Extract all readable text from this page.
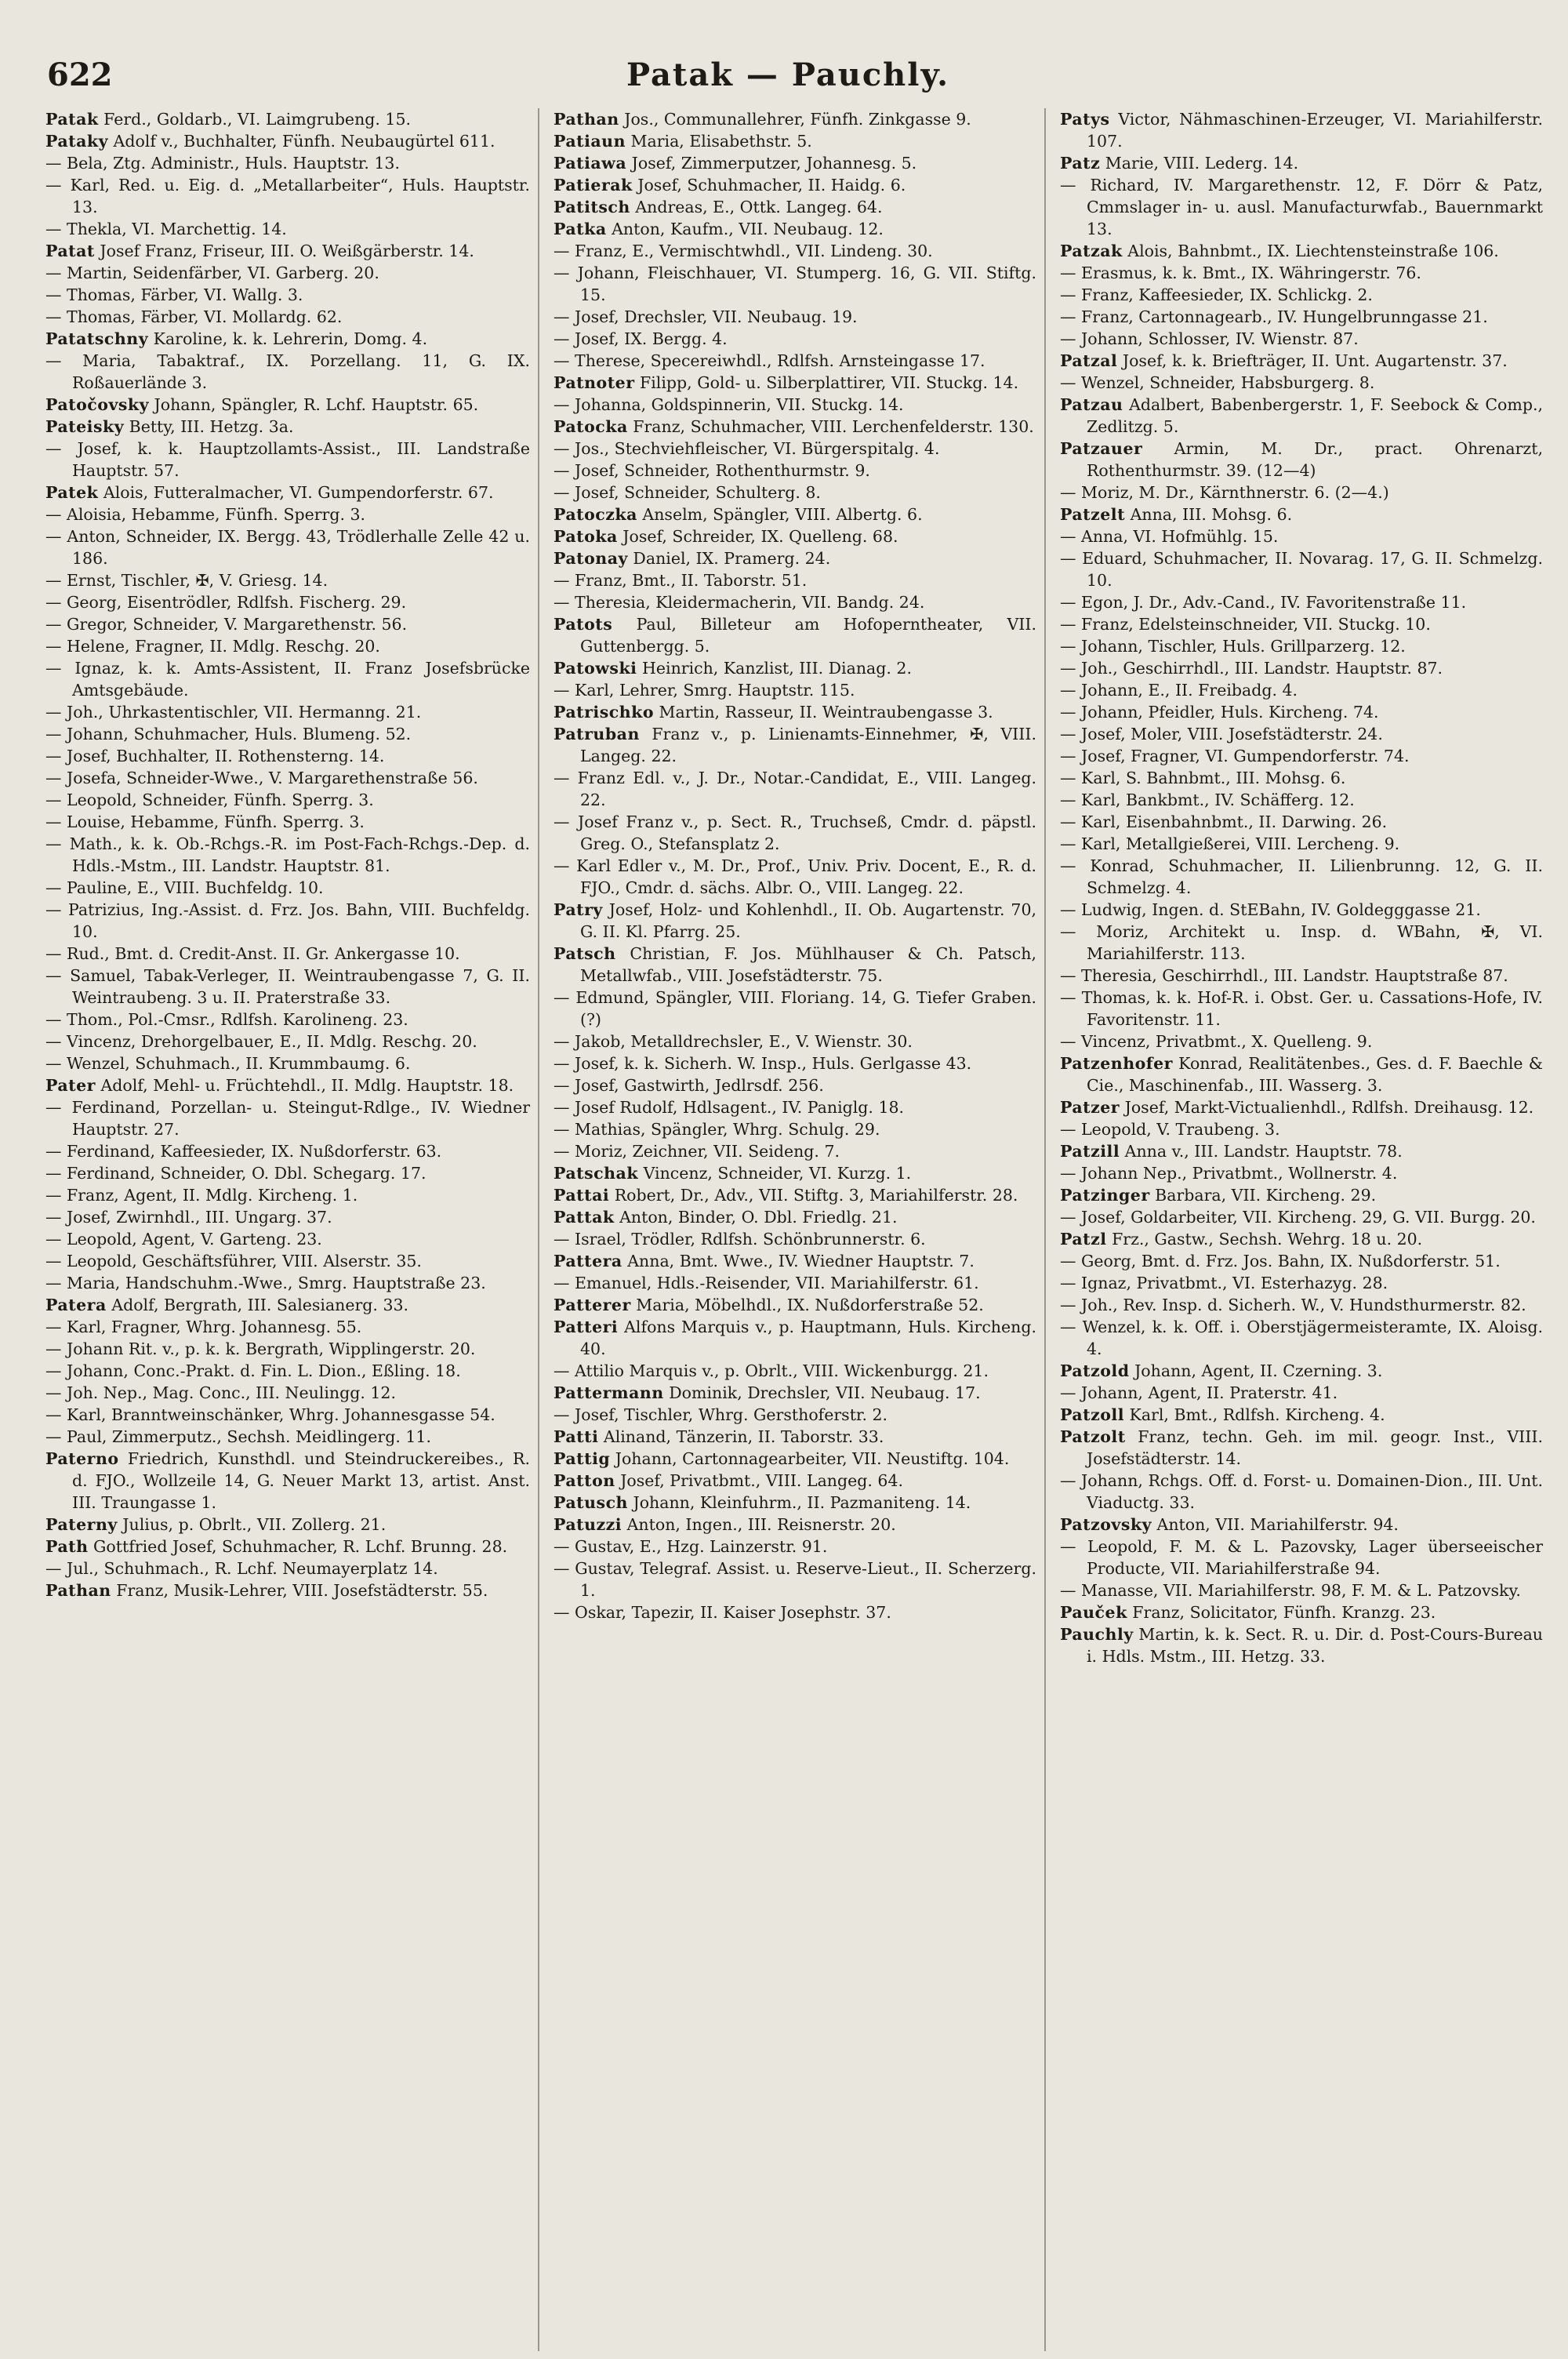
622	Patak — Pauchly.

Patak Ferd., Goldarb., VI. Laimgrubeng. 15.

Pataky Adolf v., Buchhalter, Fünfh. Neubaugürtel 611.

— Bela, Ztg. Administr., Huls. Hauptstr. 13.

— Karl, Red. u. Eig. d. „Metallarbeiter“, Huls. Hauptstr. 13.

— Thekla, VI. Marchettig. 14.

Patat Josef Franz, Friseur, III. O. Weißgärberstr. 14.

— Martin, Seidenfärber, VI. Garberg. 20.

— Thomas, Färber, VI. Wallg. 3.

— Thomas, Färber, VI. Mollardg. 62.

Patatschny Karoline, k. k. Lehrerin, Domg. 4.

— Maria, Tabaktraf., IX. Porzellang. 11, G. IX. Roßauerlände 3.

Patočovsky Johann, Spängler, R. Lchf. Hauptstr. 65.

Pateisky Betty, III. Hetzg. 3a.

— Josef, k. k. Hauptzollamts-Assist., III. Landstraße Hauptstr. 57.

Patek Alois, Futteralmacher, VI. Gumpendorferstr. 67.

— Aloisia, Hebamme, Fünfh. Sperrg. 3.

— Anton, Schneider, IX. Bergg. 43, Trödlerhalle Zelle 42 u. 186.

— Ernst, Tischler, ✠, V. Griesg. 14.

— Georg, Eisentrödler, Rdlfsh. Fischerg. 29.

— Gregor, Schneider, V. Margarethenstr. 56.

— Helene, Fragner, II. Mdlg. Reschg. 20.

— Ignaz, k. k. Amts-Assistent, II. Franz Josefsbrücke Amtsgebäude.

— Joh., Uhrkastentischler, VII. Hermanng. 21.

— Johann, Schuhmacher, Huls. Blumeng. 52.

— Josef, Buchhalter, II. Rothensterng. 14.

— Josefa, Schneider-Wwe., V. Margarethenstraße 56.

— Leopold, Schneider, Fünfh. Sperrg. 3.

— Louise, Hebamme, Fünfh. Sperrg. 3.

— Math., k. k. Ob.-Rchgs.-R. im Post-Fach-Rchgs.-Dep. d. Hdls.-Mstm., III. Landstr. Hauptstr. 81.

— Pauline, E., VIII. Buchfeldg. 10.

— Patrizius, Ing.-Assist. d. Frz. Jos. Bahn, VIII. Buchfeldg. 10.

— Rud., Bmt. d. Credit-Anst. II. Gr. Ankergasse 10.

— Samuel, Tabak-Verleger, II. Weintraubengasse 7, G. II. Weintraubeng. 3 u. II. Praterstraße 33.

— Thom., Pol.-Cmsr., Rdlfsh. Karolineng. 23.

— Vincenz, Drehorgelbauer, E., II. Mdlg. Reschg. 20.

— Wenzel, Schuhmach., II. Krummbaumg. 6.

Pater Adolf, Mehl- u. Früchtehdl., II. Mdlg. Hauptstr. 18.

— Ferdinand, Porzellan- u. Steingut-Rdlge., IV. Wiedner Hauptstr. 27.

— Ferdinand, Kaffeesieder, IX. Nußdorferstr. 63.

— Ferdinand, Schneider, O. Dbl. Schegarg. 17.

— Franz, Agent, II. Mdlg. Kircheng. 1.

— Josef, Zwirnhdl., III. Ungarg. 37.

— Leopold, Agent, V. Garteng. 23.

— Leopold, Geschäftsführer, VIII. Alserstr. 35.

— Maria, Handschuhm.-Wwe., Smrg. Hauptstraße 23.

Patera Adolf, Bergrath, III. Salesianerg. 33.

— Karl, Fragner, Whrg. Johannesg. 55.

— Johann Rit. v., p. k. k. Bergrath, Wipplingerstr. 20.

— Johann, Conc.-Prakt. d. Fin. L. Dion., Eßling. 18.

— Joh. Nep., Mag. Conc., III. Neulingg. 12.

— Karl, Branntweinschänker, Whrg. Johannesgasse 54.

— Paul, Zimmerputz., Sechsh. Meidlingerg. 11.

Paterno Friedrich, Kunsthdl. und Steindruckereibes., R. d. FJO., Wollzeile 14, G. Neuer Markt 13, artist. Anst. III. Traungasse 1.

Paterny Julius, p. Obrlt., VII. Zollerg. 21.

Path Gottfried Josef, Schuhmacher, R. Lchf. Brunng. 28.

— Jul., Schuhmach., R. Lchf. Neumayerplatz 14.

Pathan Franz, Musik-Lehrer, VIII. Josefstädterstr. 55.

Pathan Jos., Communallehrer, Fünfh. Zinkgasse 9.

Patiaun Maria, Elisabethstr. 5.

Patiawa Josef, Zimmerputzer, Johannesg. 5.

Patierak Josef, Schuhmacher, II. Haidg. 6.

Patitsch Andreas, E., Ottk. Langeg. 64.

Patka Anton, Kaufm., VII. Neubaug. 12.

— Franz, E., Vermischtwhdl., VII. Lindeng. 30.

— Johann, Fleischhauer, VI. Stumperg. 16, G. VII. Stiftg. 15.

— Josef, Drechsler, VII. Neubaug. 19.

— Josef, IX. Bergg. 4.

— Therese, Specereiwhdl., Rdlfsh. Arnsteingasse 17.

Patnoter Filipp, Gold- u. Silberplattirer, VII. Stuckg. 14.

— Johanna, Goldspinnerin, VII. Stuckg. 14.

Patocka Franz, Schuhmacher, VIII. Lerchenfelderstr. 130.

— Jos., Stechviehfleischer, VI. Bürgerspitalg. 4.

— Josef, Schneider, Rothenthurmstr. 9.

— Josef, Schneider, Schulterg. 8.

Patoczka Anselm, Spängler, VIII. Albertg. 6.

Patoka Josef, Schreider, IX. Quelleng. 68.

Patonay Daniel, IX. Pramerg. 24.

— Franz, Bmt., II. Taborstr. 51.

— Theresia, Kleidermacherin, VII. Bandg. 24.

Patots Paul, Billeteur am Hofoperntheater, VII. Guttenbergg. 5.

Patowski Heinrich, Kanzlist, III. Dianag. 2.

— Karl, Lehrer, Smrg. Hauptstr. 115.

Patrischko Martin, Rasseur, II. Weintraubengasse 3.

Patruban Franz v., p. Linienamts-Einnehmer, ✠, VIII. Langeg. 22.

— Franz Edl. v., J. Dr., Notar.-Candidat, E., VIII. Langeg. 22.

— Josef Franz v., p. Sect. R., Truchseß, Cmdr. d. päpstl. Greg. O., Stefansplatz 2.

— Karl Edler v., M. Dr., Prof., Univ. Priv. Docent, E., R. d. FJO., Cmdr. d. sächs. Albr. O., VIII. Langeg. 22.

Patry Josef, Holz- und Kohlenhdl., II. Ob. Augartenstr. 70, G. II. Kl. Pfarrg. 25.

Patsch Christian, F. Jos. Mühlhauser & Ch. Patsch, Metallwfab., VIII. Josefstädterstr. 75.

— Edmund, Spängler, VIII. Floriang. 14, G. Tiefer Graben. (?)

— Jakob, Metalldrechsler, E., V. Wienstr. 30.

— Josef, k. k. Sicherh. W. Insp., Huls. Gerlgasse 43.

— Josef, Gastwirth, Jedlrsdf. 256.

— Josef Rudolf, Hdlsagent., IV. Paniglg. 18.

— Mathias, Spängler, Whrg. Schulg. 29.

— Moriz, Zeichner, VII. Seideng. 7.

Patschak Vincenz, Schneider, VI. Kurzg. 1.

Pattai Robert, Dr., Adv., VII. Stiftg. 3, Mariahilferstr. 28.

Pattak Anton, Binder, O. Dbl. Friedlg. 21.

— Israel, Trödler, Rdlfsh. Schönbrunnerstr. 6.

Pattera Anna, Bmt. Wwe., IV. Wiedner Hauptstr. 7.

— Emanuel, Hdls.-Reisender, VII. Mariahilferstr. 61.

Patterer Maria, Möbelhdl., IX. Nußdorferstraße 52.

Patteri Alfons Marquis v., p. Hauptmann, Huls. Kircheng. 40.

— Attilio Marquis v., p. Obrlt., VIII. Wickenburgg. 21.

Pattermann Dominik, Drechsler, VII. Neubaug. 17.

— Josef, Tischler, Whrg. Gersthoferstr. 2.

Patti Alinand, Tänzerin, II. Taborstr. 33.

Pattig Johann, Cartonnagearbeiter, VII. Neustiftg. 104.

Patton Josef, Privatbmt., VIII. Langeg. 64.

Patusch Johann, Kleinfuhrm., II. Pazmaniteng. 14.

Patuzzi Anton, Ingen., III. Reisnerstr. 20.

— Gustav, E., Hzg. Lainzerstr. 91.

— Gustav, Telegraf. Assist. u. Reserve-Lieut., II. Scherzerg. 1.

— Oskar, Tapezir, II. Kaiser Josephstr. 37.

Patys Victor, Nähmaschinen-Erzeuger, VI. Mariahilferstr. 107.

Patz Marie, VIII. Lederg. 14.

— Richard, IV. Margarethenstr. 12, F. Dörr & Patz, Cmmslager in- u. ausl. Manufacturwfab., Bauernmarkt 13.

Patzak Alois, Bahnbmt., IX. Liechtensteinstraße 106.

— Erasmus, k. k. Bmt., IX. Währingerstr. 76.

— Franz, Kaffeesieder, IX. Schlickg. 2.

— Franz, Cartonnagearb., IV. Hungelbrunngasse 21.

— Johann, Schlosser, IV. Wienstr. 87.

Patzal Josef, k. k. Briefträger, II. Unt. Augartenstr. 37.

— Wenzel, Schneider, Habsburgerg. 8.

Patzau Adalbert, Babenbergerstr. 1, F. Seebock & Comp., Zedlitzg. 5.

Patzauer Armin, M. Dr., pract. Ohrenarzt, Rothenthurmstr. 39. (12—4)

— Moriz, M. Dr., Kärnthnerstr. 6. (2—4.)

Patzelt Anna, III. Mohsg. 6.

— Anna, VI. Hofmühlg. 15.

— Eduard, Schuhmacher, II. Novarag. 17, G. II. Schmelzg. 10.

— Egon, J. Dr., Adv.-Cand., IV. Favoritenstraße 11.

— Franz, Edelsteinschneider, VII. Stuckg. 10.

— Johann, Tischler, Huls. Grillparzerg. 12.

— Joh., Geschirrhdl., III. Landstr. Hauptstr. 87.

— Johann, E., II. Freibadg. 4.

— Johann, Pfeidler, Huls. Kircheng. 74.

— Josef, Moler, VIII. Josefstädterstr. 24.

— Josef, Fragner, VI. Gumpendorferstr. 74.

— Karl, S. Bahnbmt., III. Mohsg. 6.

— Karl, Bankbmt., IV. Schäfferg. 12.

— Karl, Eisenbahnbmt., II. Darwing. 26.

— Karl, Metallgießerei, VIII. Lercheng. 9.

— Konrad, Schuhmacher, II. Lilienbrunng. 12, G. II. Schmelzg. 4.

— Ludwig, Ingen. d. StEBahn, IV. Goldegggasse 21.

— Moriz, Architekt u. Insp. d. WBahn, ✠, VI. Mariahilferstr. 113.

— Theresia, Geschirrhdl., III. Landstr. Hauptstraße 87.

— Thomas, k. k. Hof-R. i. Obst. Ger. u. Cassations-Hofe, IV. Favoritenstr. 11.

— Vincenz, Privatbmt., X. Quelleng. 9.

Patzenhofer Konrad, Realitätenbes., Ges. d. F. Baechle & Cie., Maschinenfab., III. Wasserg. 3.

Patzer Josef, Markt-Victualienhdl., Rdlfsh. Dreihausg. 12.

— Leopold, V. Traubeng. 3.

Patzill Anna v., III. Landstr. Hauptstr. 78.

— Johann Nep., Privatbmt., Wollnerstr. 4.

Patzinger Barbara, VII. Kircheng. 29.

— Josef, Goldarbeiter, VII. Kircheng. 29, G. VII. Burgg. 20.

Patzl Frz., Gastw., Sechsh. Wehrg. 18 u. 20.

— Georg, Bmt. d. Frz. Jos. Bahn, IX. Nußdorferstr. 51.

— Ignaz, Privatbmt., VI. Esterhazyg. 28.

— Joh., Rev. Insp. d. Sicherh. W., V. Hundsthurmerstr. 82.

— Wenzel, k. k. Off. i. Oberstjägermeisteramte, IX. Aloisg. 4.

Patzold Johann, Agent, II. Czerning. 3.

— Johann, Agent, II. Praterstr. 41.

Patzoll Karl, Bmt., Rdlfsh. Kircheng. 4.

Patzolt Franz, techn. Geh. im mil. geogr. Inst., VIII. Josefstädterstr. 14.

— Johann, Rchgs. Off. d. Forst- u. Domainen-Dion., III. Unt. Viaductg. 33.

Patzovsky Anton, VII. Mariahilferstr. 94.

— Leopold, F. M. & L. Pazovsky, Lager überseeischer Producte, VII. Mariahilferstraße 94.

— Manasse, VII. Mariahilferstr. 98, F. M. & L. Patzovsky.

Pauček Franz, Solicitator, Fünfh. Kranzg. 23.

Pauchly Martin, k. k. Sect. R. u. Dir. d. Post-Cours-Bureau i. Hdls. Mstm., III. Hetzg. 33.
